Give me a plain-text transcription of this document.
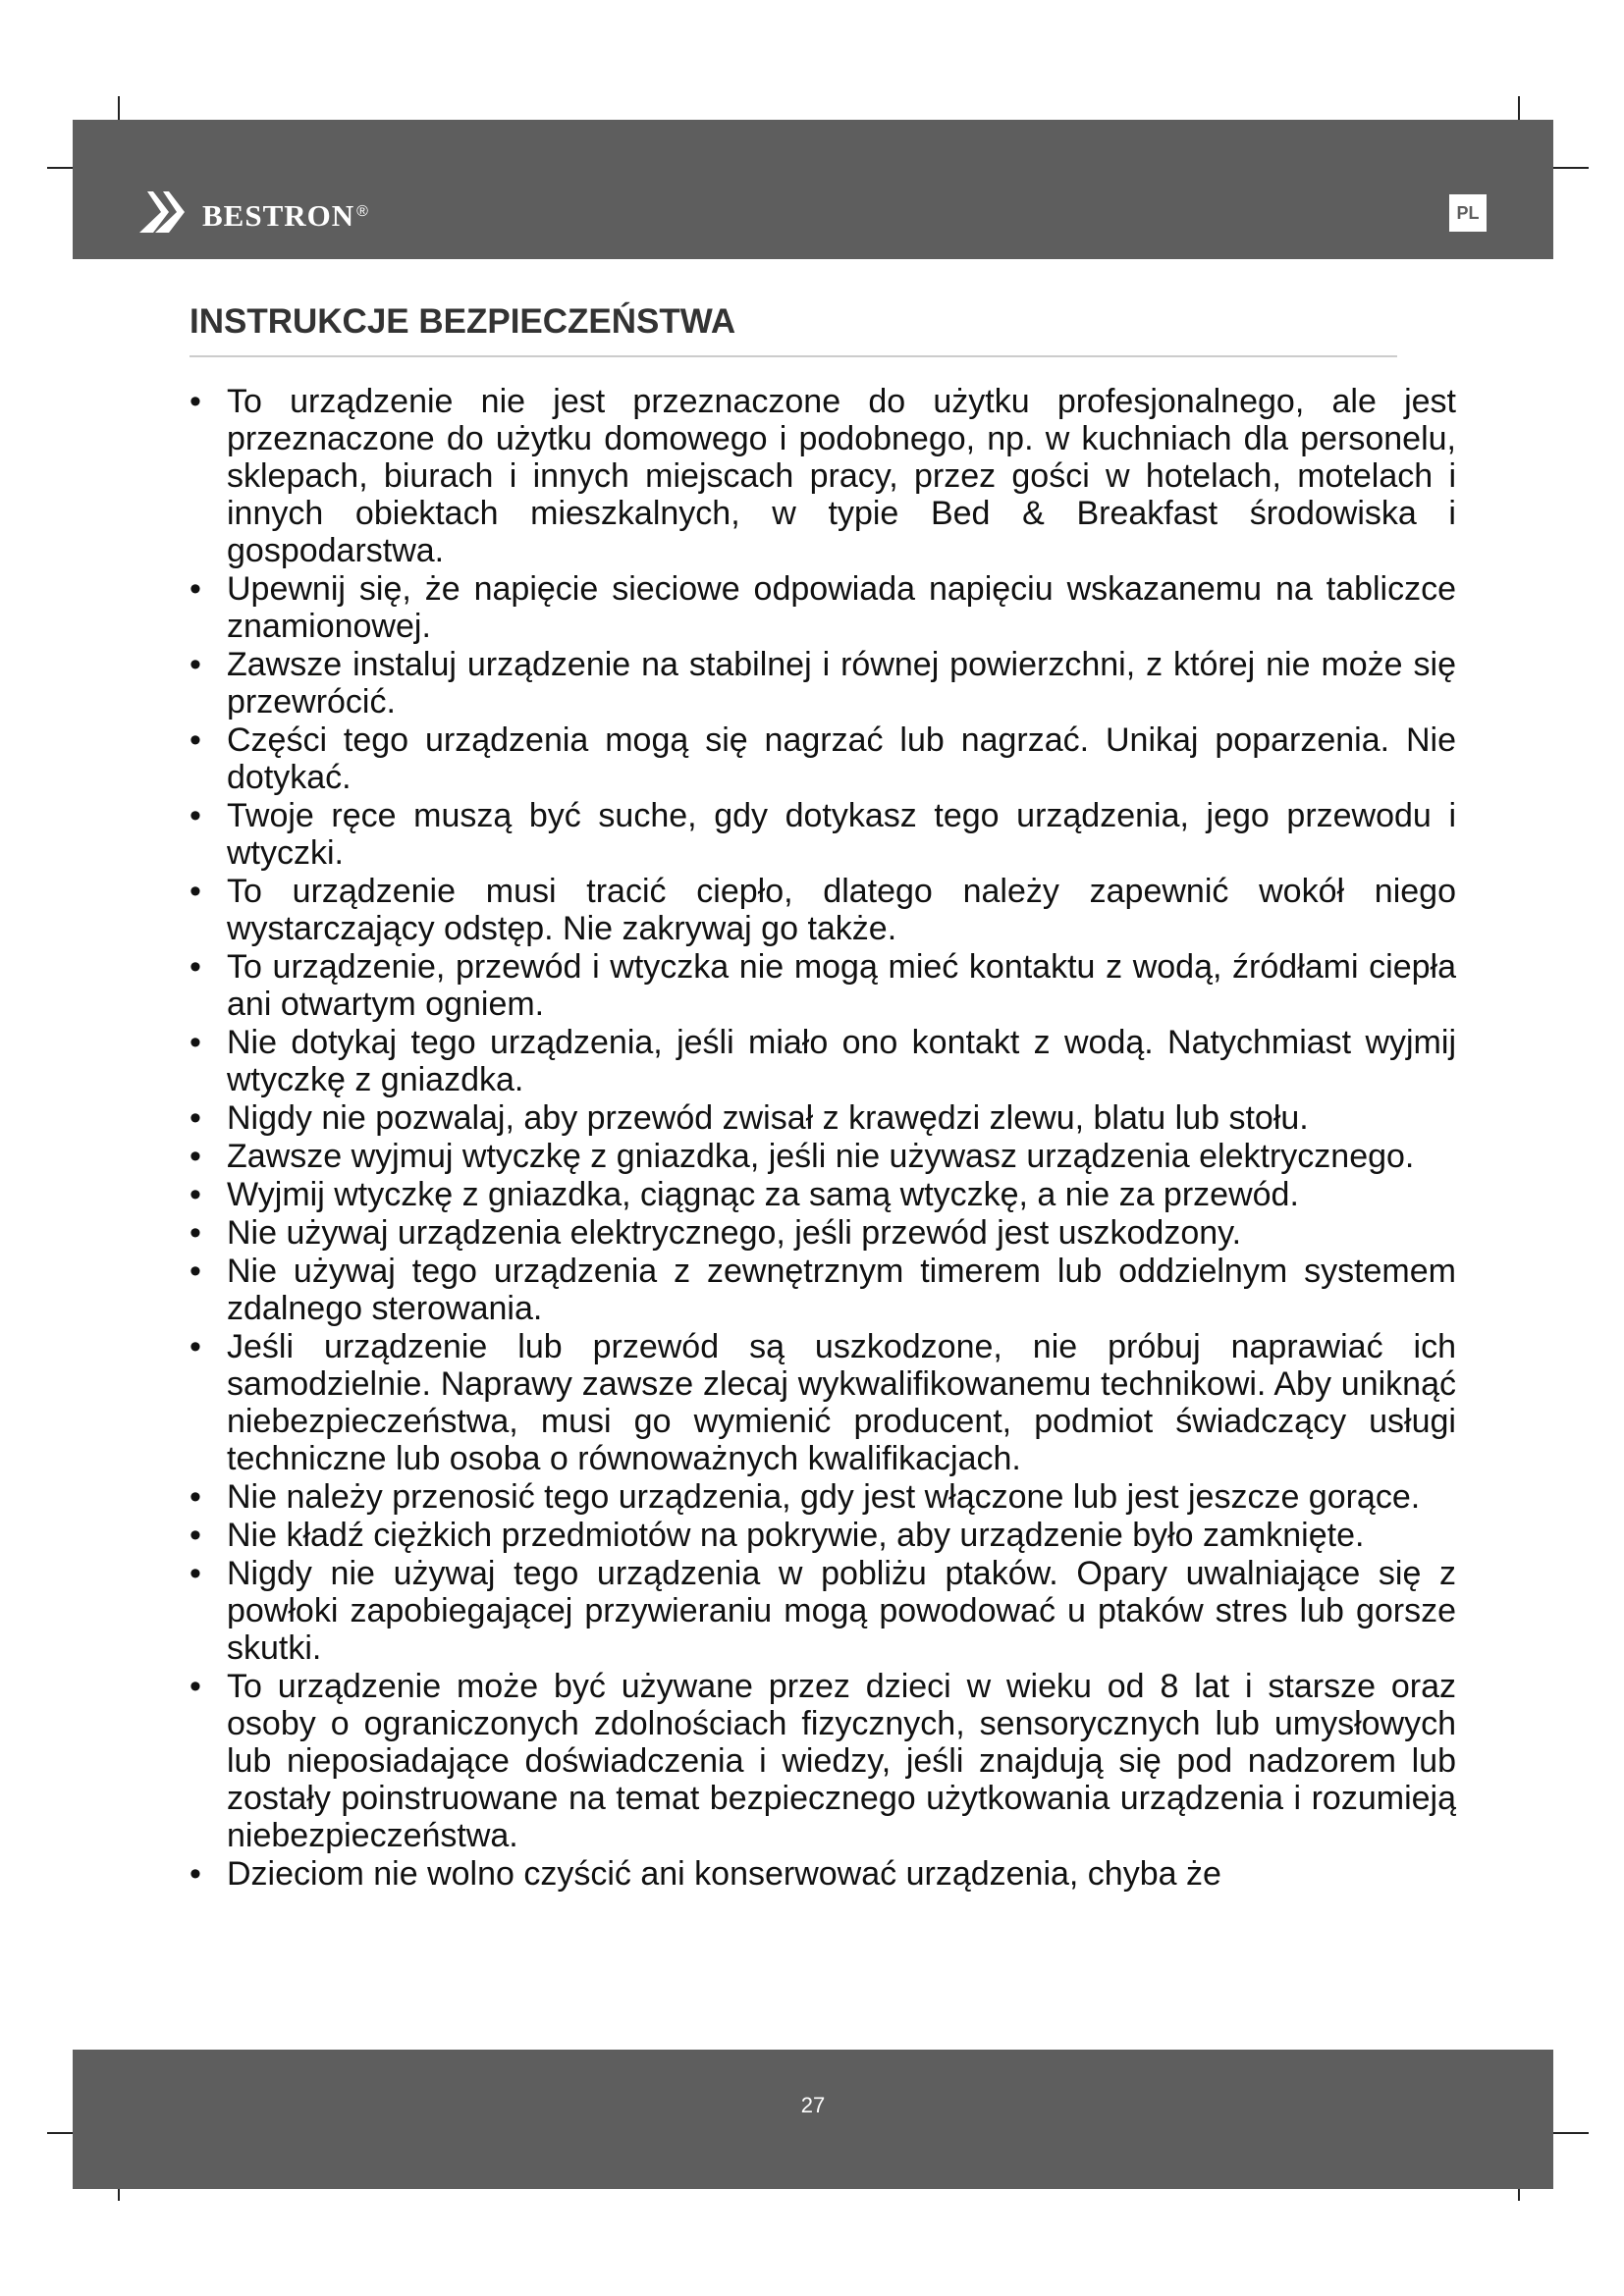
bestron ®	PL
INSTRUKCJE BEZPIECZEŃSTWA
• To urządzenie nie jest przeznaczone do użytku profesjonalnego, ale jest przeznaczone do użytku domowego i podobnego, np. w kuchniach dla personelu, sklepach, biurach i innych miejscach pracy, przez gości w hotelach, motelach i innych obiektach mieszkalnych, w typie Bed & Breakfast środowiska i gospodarstwa.
• Upewnij się, że napięcie sieciowe odpowiada napięciu wskazanemu na tabliczce znamionowej.
• Zawsze instaluj urządzenie na stabilnej i równej powierzchni, z której nie może się przewrócić.
• Części tego urządzenia mogą się nagrzać lub nagrzać. Unikaj poparzenia. Nie dotykać.
• Twoje ręce muszą być suche, gdy dotykasz tego urządzenia, jego przewodu i wtyczki.
• To urządzenie musi tracić ciepło, dlatego należy zapewnić wokół niego wystarczający odstęp. Nie zakrywaj go także.
• To urządzenie, przewód i wtyczka nie mogą mieć kontaktu z wodą, źródłami ciepła ani otwartym ogniem.
• Nie dotykaj tego urządzenia, jeśli miało ono kontakt z wodą. Natychmiast wyjmij wtyczkę z gniazdka.
• Nigdy nie pozwalaj, aby przewód zwisał z krawędzi zlewu, blatu lub stołu.
• Zawsze wyjmuj wtyczkę z gniazdka, jeśli nie używasz urządzenia elektrycznego.
• Wyjmij wtyczkę z gniazdka, ciągnąc za samą wtyczkę, a nie za przewód.
• Nie używaj urządzenia elektrycznego, jeśli przewód jest uszkodzony.
• Nie używaj tego urządzenia z zewnętrznym timerem lub oddzielnym systemem zdalnego sterowania.
• Jeśli urządzenie lub przewód są uszkodzone, nie próbuj naprawiać ich samodzielnie. Naprawy zawsze zlecaj wykwalifikowanemu technikowi. Aby uniknąć niebezpieczeństwa, musi go wymienić producent, podmiot świadczący usługi techniczne lub osoba o równoważnych kwalifikacjach.
• Nie należy przenosić tego urządzenia, gdy jest włączone lub jest jeszcze gorące.
• Nie kładź ciężkich przedmiotów na pokrywie, aby urządzenie było zamknięte.
• Nigdy nie używaj tego urządzenia w pobliżu ptaków. Opary uwalniające się z powłoki zapobiegającej przywieraniu mogą powodować u ptaków stres lub gorsze skutki.
• To urządzenie może być używane przez dzieci w wieku od 8 lat i starsze oraz osoby o ograniczonych zdolnościach fizycznych, sensorycznych lub umysłowych lub nieposiadające doświadczenia i wiedzy, jeśli znajdują się pod nadzorem lub zostały poinstruowane na temat bezpiecznego użytkowania urządzenia i rozumieją niebezpieczeństwa.
• Dzieciom nie wolno czyścić ani konserwować urządzenia, chyba że
27
